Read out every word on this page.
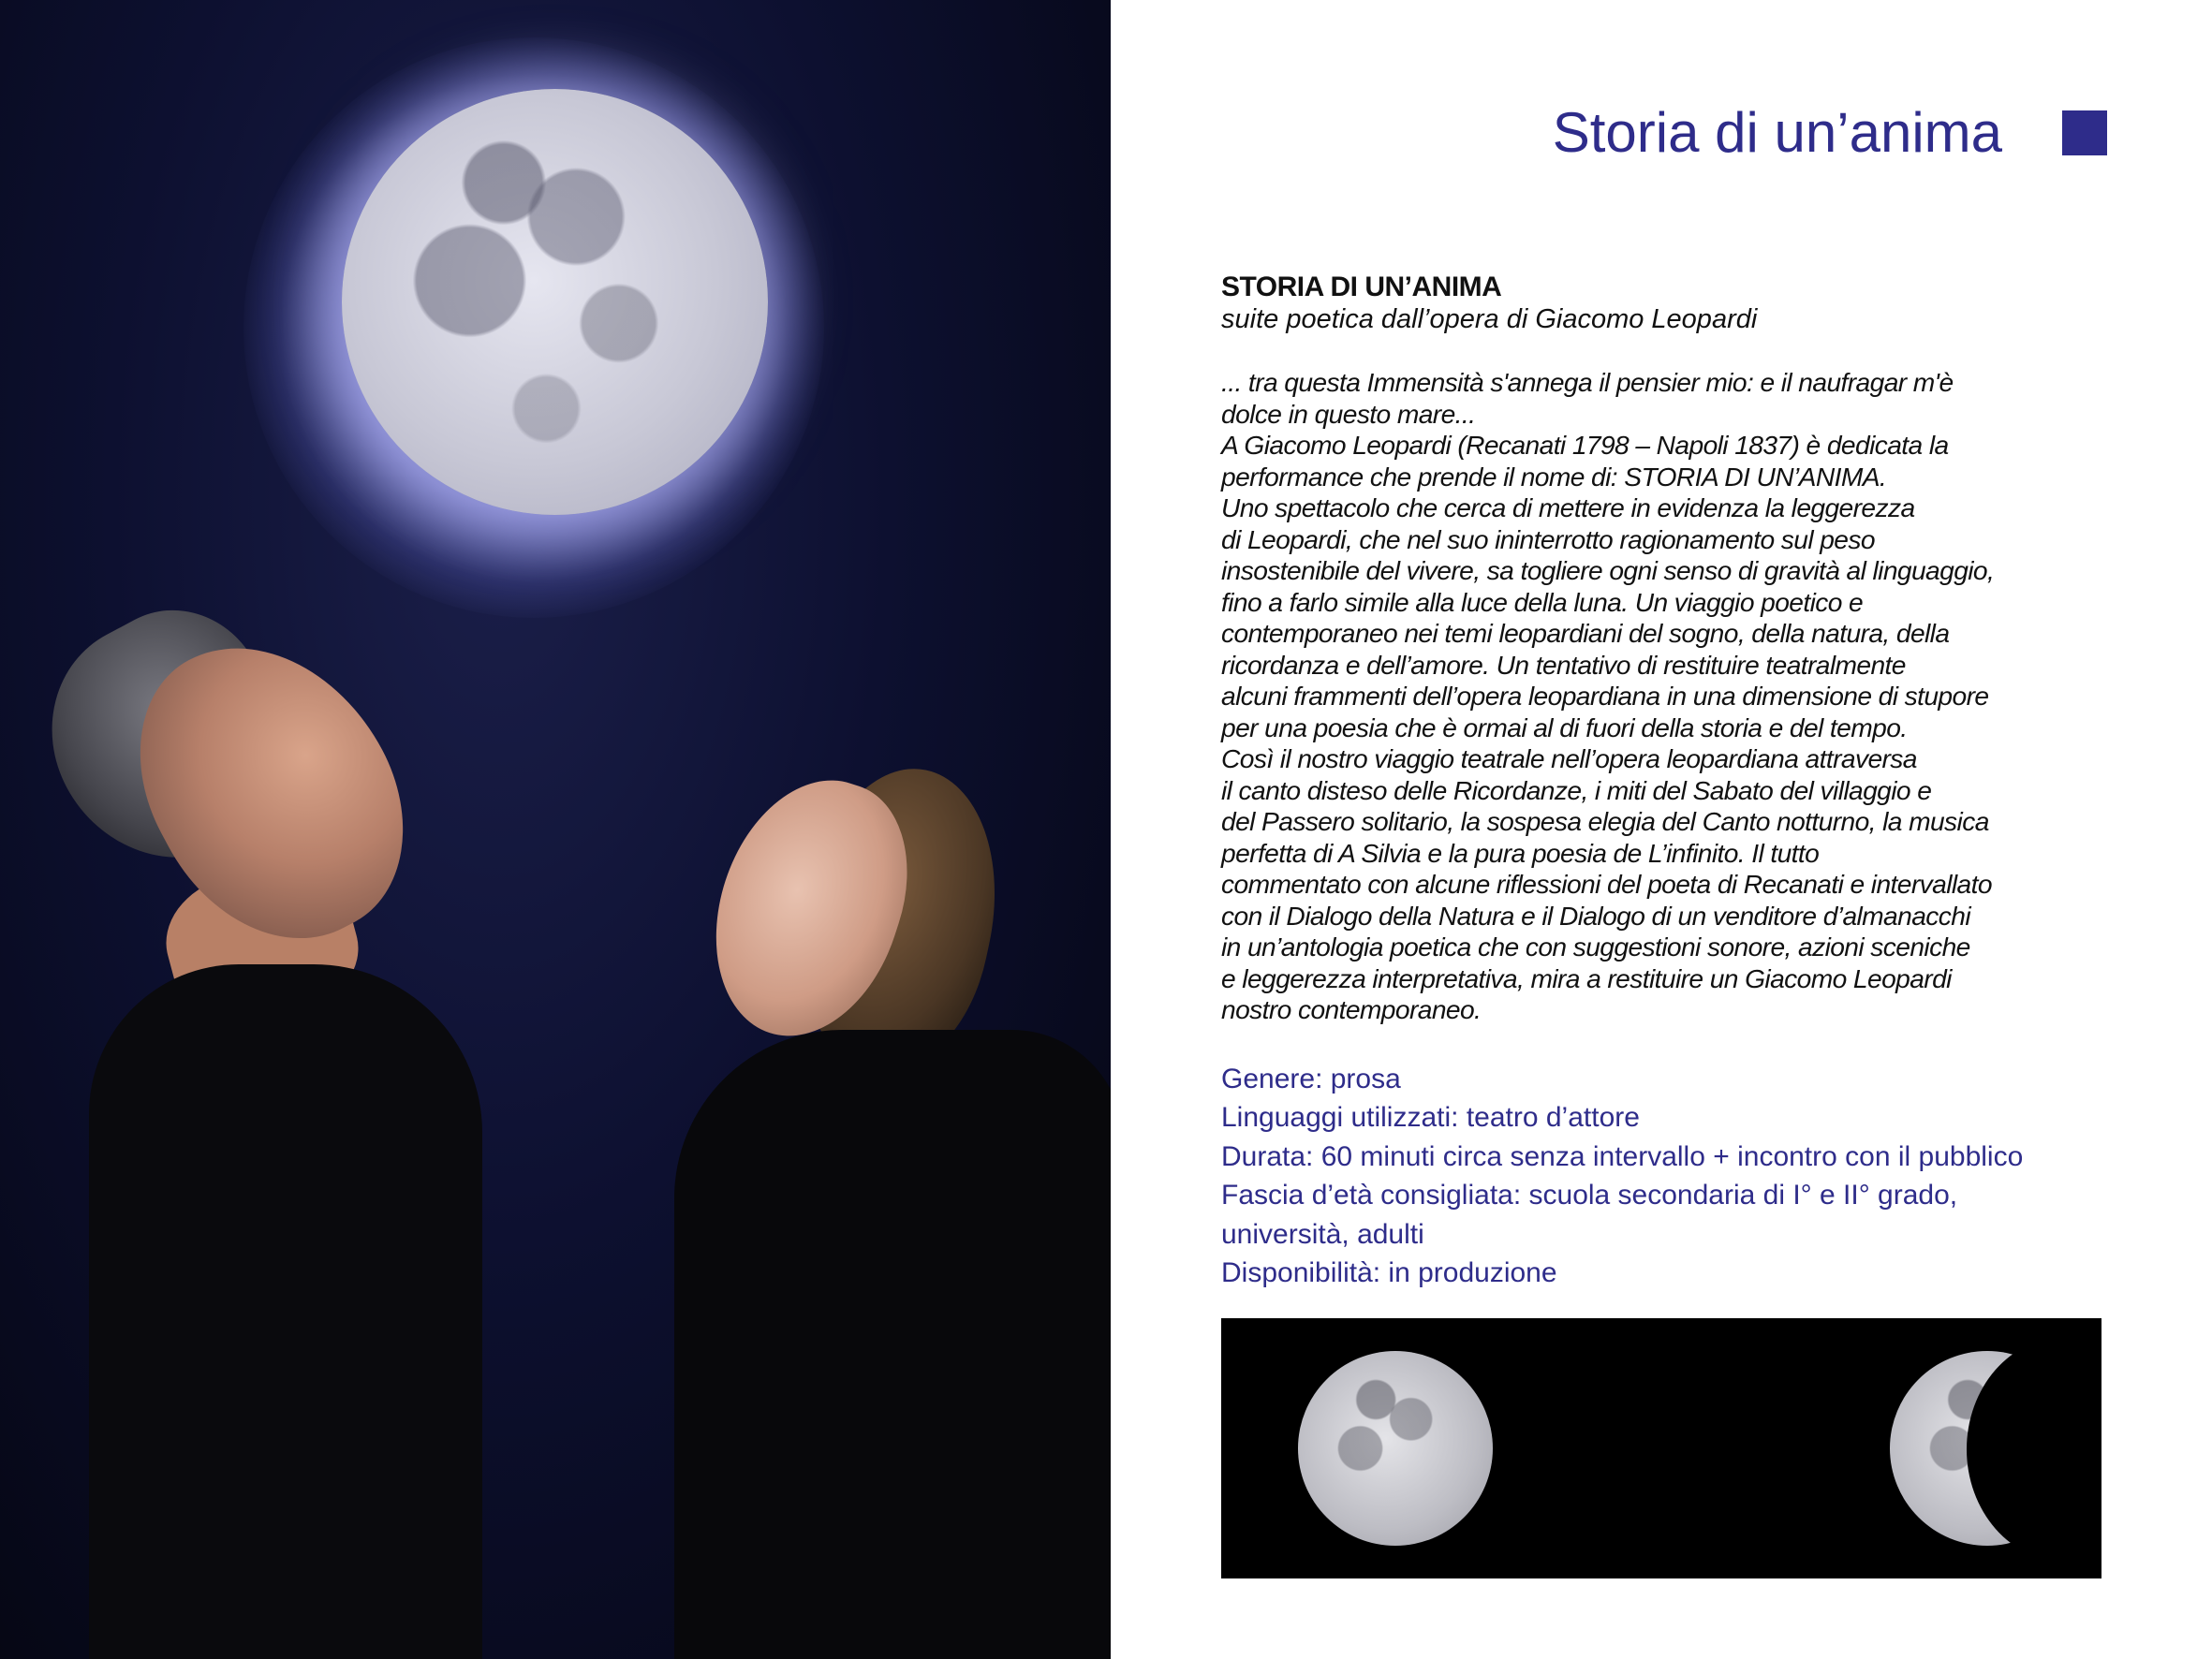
Storia di un’anima
STORIA DI UN’ANIMA
suite poetica dall’opera di Giacomo Leopardi

... tra questa Immensità s'annega il pensier mio: e il naufragar m'è
dolce in questo mare...
A Giacomo Leopardi (Recanati 1798 – Napoli 1837) è dedicata la
performance che prende il nome di: STORIA DI UN’ANIMA.
Uno spettacolo che cerca di mettere in evidenza la leggerezza
di Leopardi, che nel suo ininterrotto ragionamento sul peso
insostenibile del vivere, sa togliere ogni senso di gravità al linguaggio,
fino a farlo simile alla luce della luna. Un viaggio poetico e
contemporaneo nei temi leopardiani del sogno, della natura, della
ricordanza e dell’amore. Un tentativo di restituire teatralmente
alcuni frammenti dell’opera leopardiana in una dimensione di stupore
per una poesia che è ormai al di fuori della storia e del tempo.
Così il nostro viaggio teatrale nell’opera leopardiana attraversa
il canto disteso delle Ricordanze, i miti del Sabato del villaggio e
del Passero solitario, la sospesa elegia del Canto notturno, la musica
perfetta di A Silvia e la pura poesia de L’infinito. Il tutto
commentato con alcune riflessioni del poeta di Recanati e intervallato
con il Dialogo della Natura e il Dialogo di un venditore d’almanacchi
in un’antologia poetica che con suggestioni sonore, azioni sceniche
e leggerezza interpretativa, mira a restituire un Giacomo Leopardi
nostro contemporaneo.

Genere: prosa
Linguaggi utilizzati: teatro d’attore
Durata: 60 minuti circa senza intervallo + incontro con il pubblico
Fascia d’età consigliata: scuola secondaria di I° e II° grado,
università, adulti
Disponibilità: in produzione
